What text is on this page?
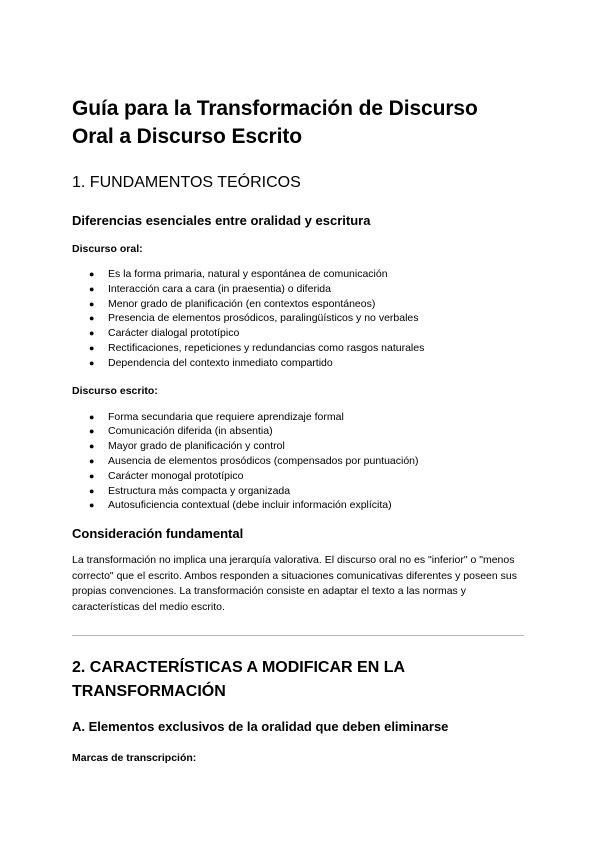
Guía para la Transformación de Discurso
Oral a Discurso Escrito
1. FUNDAMENTOS TEÓRICOS
Diferencias esenciales entre oralidad y escritura

Discurso oral:

● Es la forma primaria, natural y espontánea de comunicación
● Interacción cara a cara (in praesentia) o diferida
● Menor grado de planificación (en contextos espontáneos)
● Presencia de elementos prosódicos, paralingüísticos y no verbales
● Carácter dialogal prototípico
● Rectificaciones, repeticiones y redundancias como rasgos naturales
● Dependencia del contexto inmediato compartido

Discurso escrito:

● Forma secundaria que requiere aprendizaje formal
● Comunicación diferida (in absentia)
● Mayor grado de planificación y control
● Ausencia de elementos prosódicos (compensados por puntuación)
● Carácter monogal prototípico
● Estructura más compacta y organizada
● Autosuficiencia contextual (debe incluir información explícita)
Consideración fundamental

La transformación no implica una jerarquía valorativa. El discurso oral no es "inferior" o "menos correcto" que el escrito. Ambos responden a situaciones comunicativas diferentes y poseen sus propias convenciones. La transformación consiste en adaptar el texto a las normas y características del medio escrito.

2. CARACTERÍSTICAS A MODIFICAR EN LA
TRANSFORMACIÓN
A. Elementos exclusivos de la oralidad que deben eliminarse

Marcas de transcripción:
